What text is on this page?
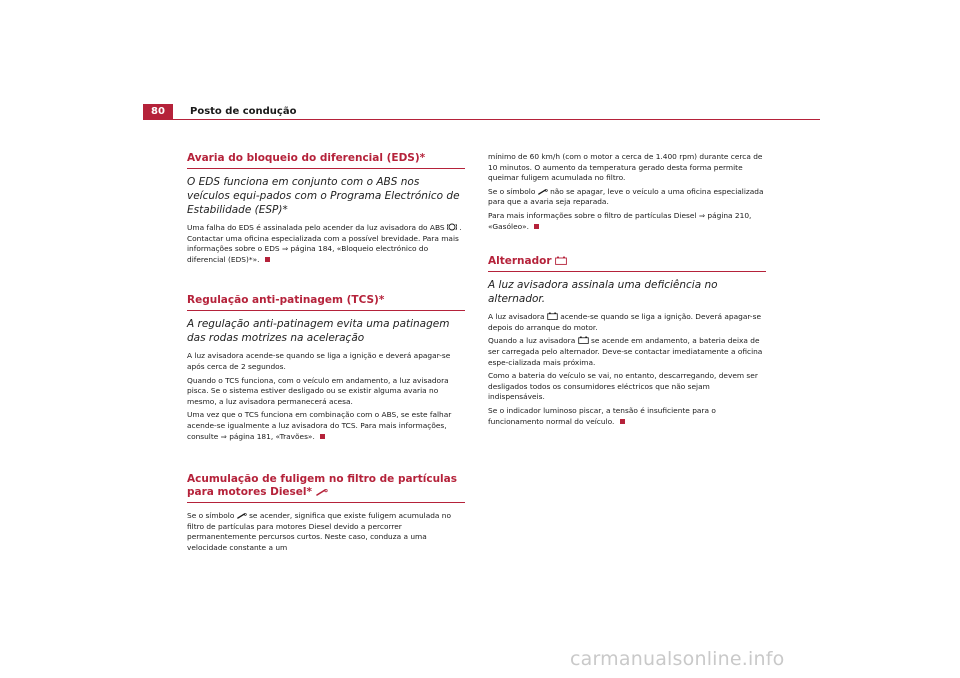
80	Posto de condução
Avaria do bloqueio do diferencial (EDS)*
O EDS funciona em conjunto com o ABS nos veículos equi-pados com o Programa Electrónico de Estabilidade (ESP)*

Uma falha do EDS é assinalada pelo acender da luz avisadora do ABS . Contactar uma oficina especializada com a possível brevidade. Para mais informações sobre o EDS ⇒ página 184, «Bloqueio electrónico do diferencial (EDS)*».

Regulação anti-patinagem (TCS)*
A regulação anti-patinagem evita uma patinagem das rodas motrizes na aceleração

A luz avisadora acende-se quando se liga a ignição e deverá apagar-se após cerca de 2 segundos.

Quando o TCS funciona, com o veículo em andamento, a luz avisadora pisca. Se o sistema estiver desligado ou se existir alguma avaria no mesmo, a luz avisadora permanecerá acesa.

Uma vez que o TCS funciona em combinação com o ABS, se este falhar acende-se igualmente a luz avisadora do TCS. Para mais informações, consulte ⇒ página 181, «Travões».

Acumulação de fuligem no filtro de partículas para motores Diesel*

Se o símbolo se acender, significa que existe fuligem acumulada no filtro de partículas para motores Diesel devido a percorrer permanentemente percursos curtos. Neste caso, conduza a uma velocidade constante a um

mínimo de 60 km/h (com o motor a cerca de 1.400 rpm) durante cerca de 10 minutos. O aumento da temperatura gerado desta forma permite queimar fuligem acumulada no filtro.

Se o símbolo não se apagar, leve o veículo a uma oficina especializada para que a avaria seja reparada.

Para mais informações sobre o filtro de partículas Diesel ⇒ página 210, «Gasóleo».

Alternador
A luz avisadora assinala uma deficiência no alternador.

A luz avisadora acende-se quando se liga a ignição. Deverá apagar-se depois do arranque do motor.

Quando a luz avisadora se acende em andamento, a bateria deixa de ser carregada pelo alternador. Deve-se contactar imediatamente a oficina espe-cializada mais próxima.

Como a bateria do veículo se vai, no entanto, descarregando, devem ser desligados todos os consumidores eléctricos que não sejam indispensáveis.

Se o indicador luminoso piscar, a tensão é insuficiente para o funcionamento normal do veículo.

carmanualsonline.info
